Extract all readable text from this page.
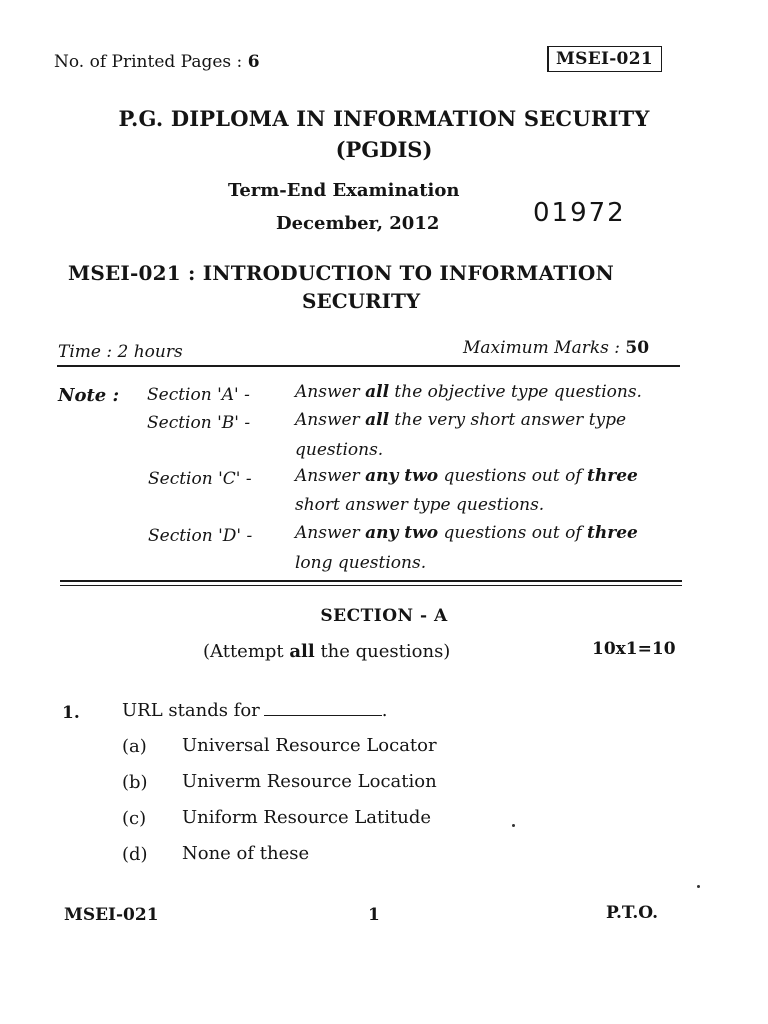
No. of Printed Pages : 6	MSEI-021
P.G. DIPLOMA IN INFORMATION SECURITY
(PGDIS)
Term-End Examination
December, 2012	01972
MSEI-021 : INTRODUCTION TO INFORMATION
SECURITY
Time : 2 hours	Maximum Marks : 50
Note : Section 'A' -	Answer all the objective type questions.
Section 'B' -	Answer all the very short answer type
questions.
Section 'C' -	Answer any two questions out of three
short answer type questions.
Section 'D' -	Answer any two questions out of three
long questions.
SECTION - A
(Attempt all the questions)	10x1=10
1. URL stands for	.
(a) Universal Resource Locator
(b) Univerm Resource Location
(c) Uniform Resource Latitude
(d) None of these
MSEI-021	1	P.T.O.
